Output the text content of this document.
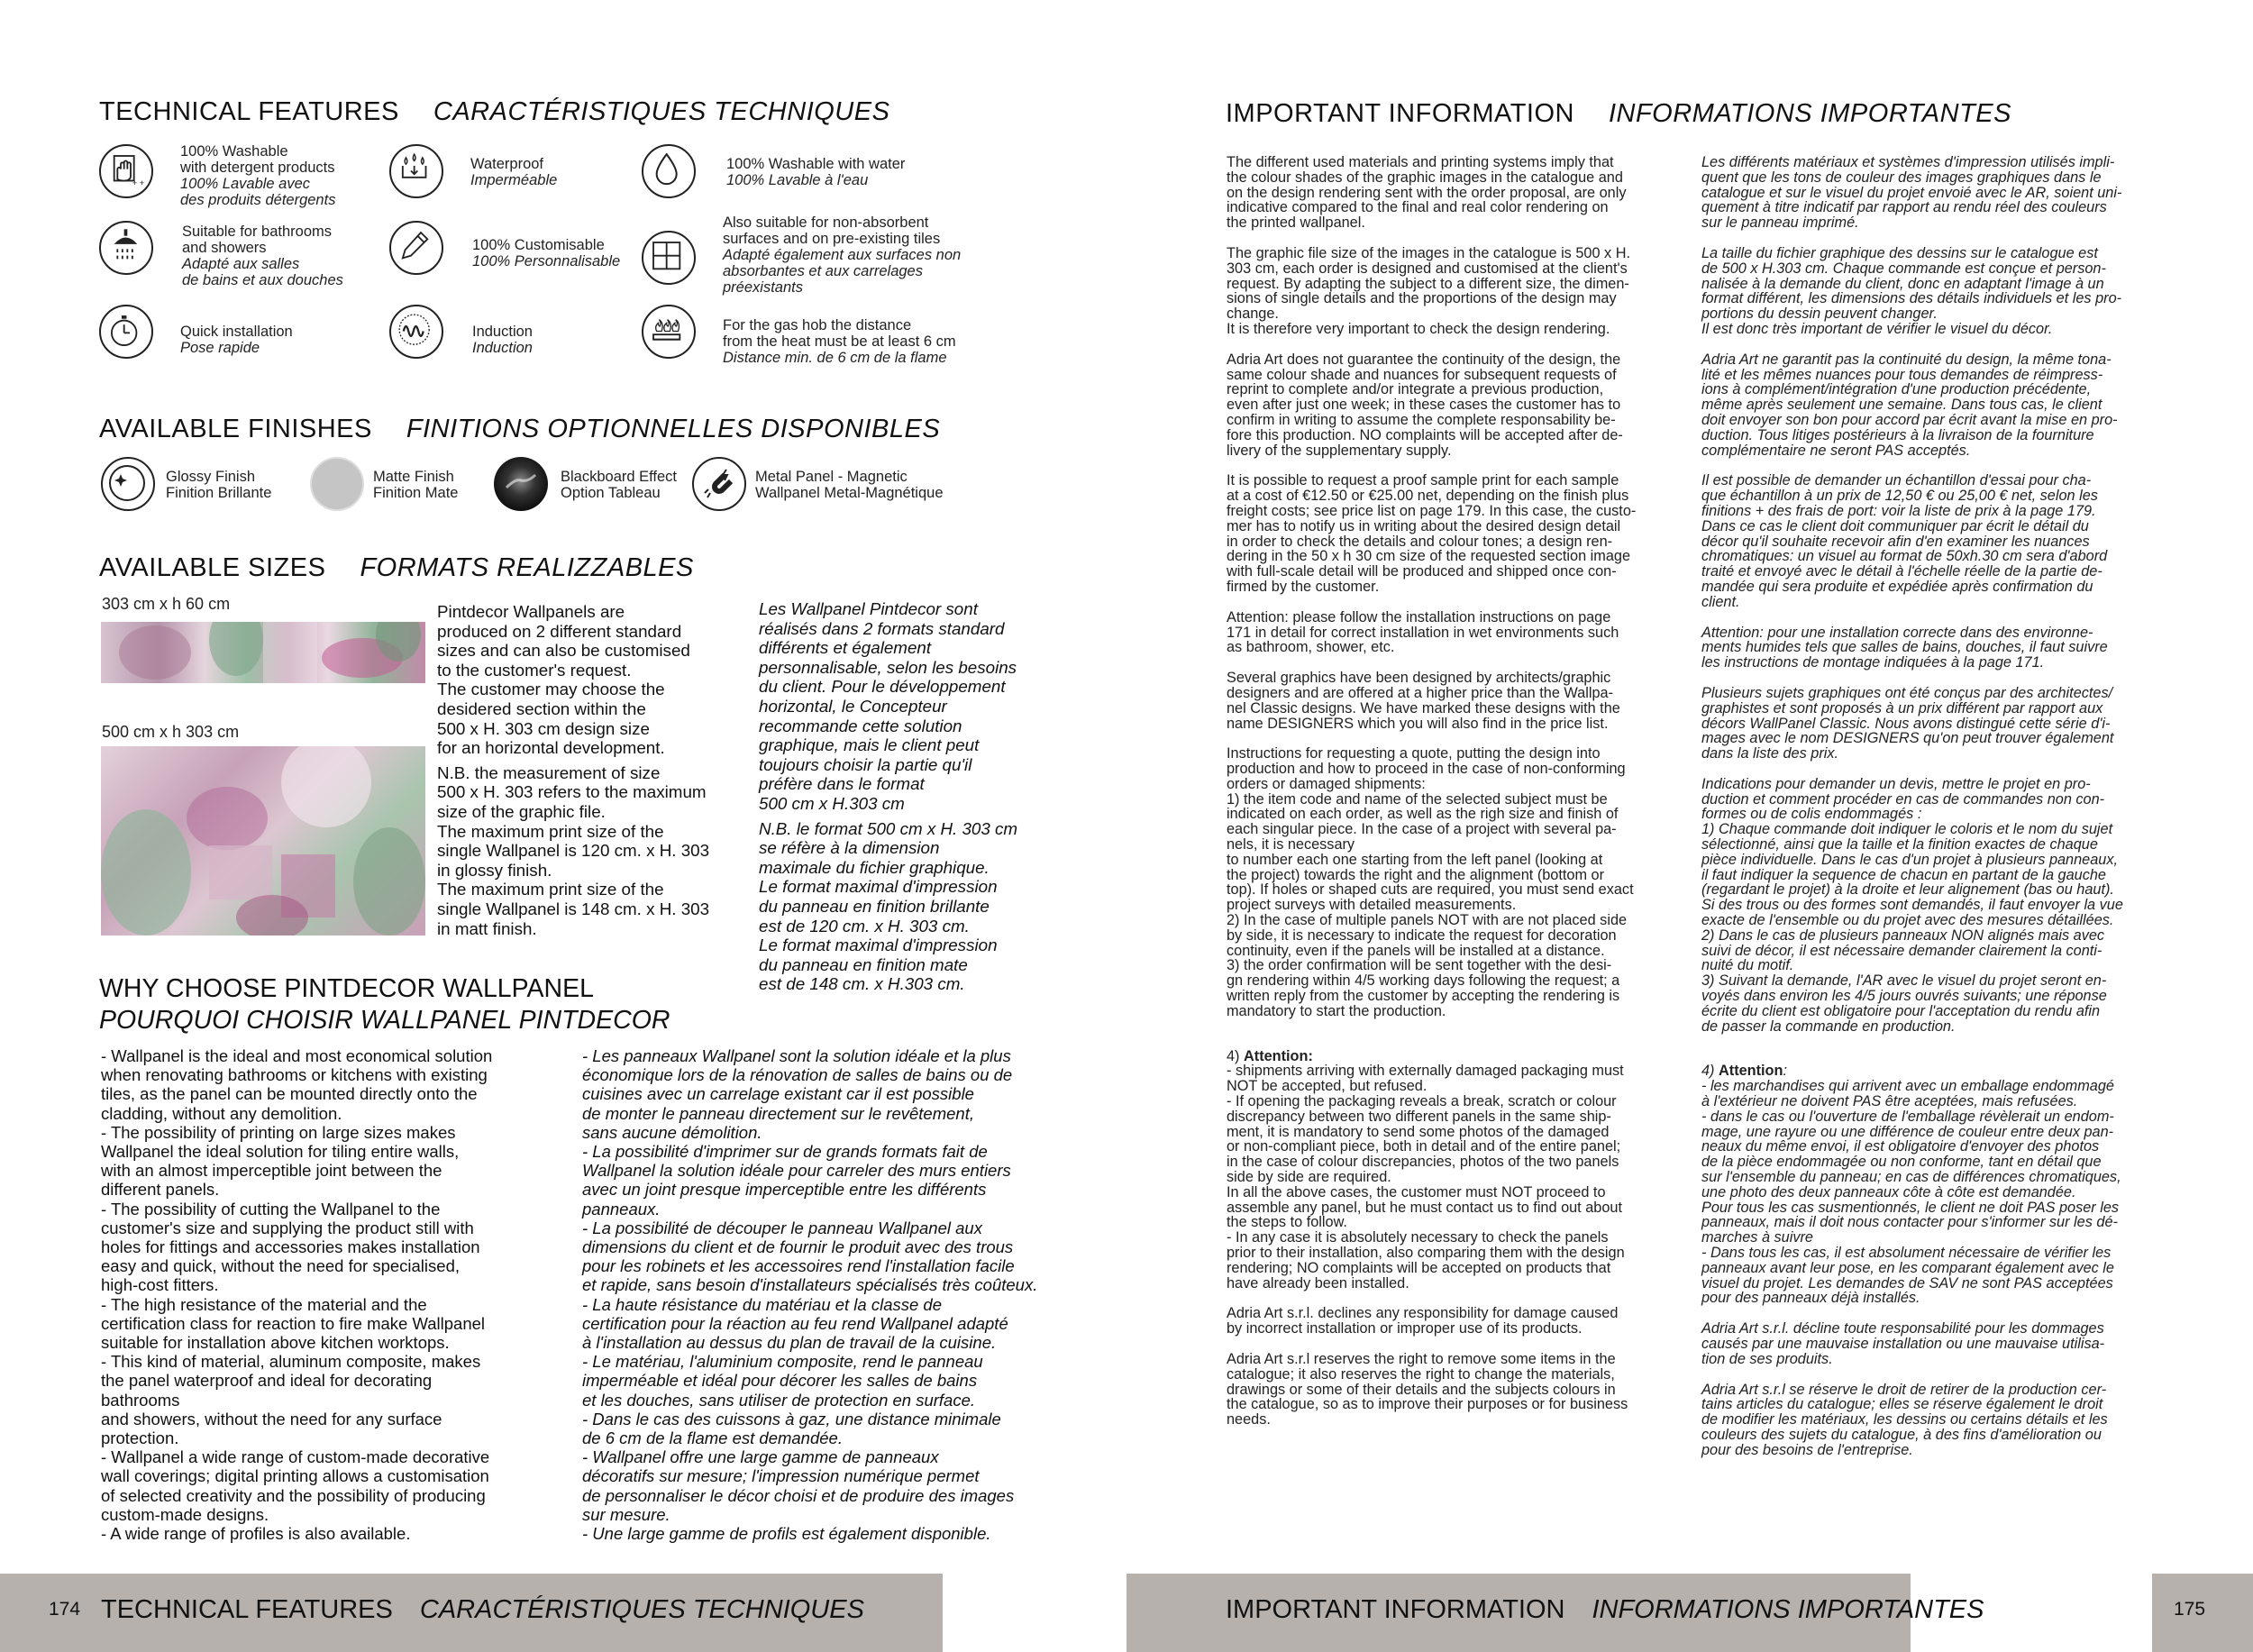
TECHNICAL FEATURES CARACTÉRISTIQUES TECHNIQUES
+ +
100% Washable
with detergent products
100% Lavable avec
des produits détergents
Waterproof
Imperméable
100% Washable with water
100% Lavable à l'eau
Suitable for bathrooms
and showers
Adapté aux salles
de bains et aux douches
100% Customisable
100% Personnalisable
Also suitable for non-absorbent
surfaces and on pre-existing tiles
Adapté également aux surfaces non
absorbantes et aux carrelages
préexistants
Quick installation
Pose rapide
Induction
Induction
For the gas hob the distance
from the heat must be at least 6 cm
Distance min. de 6 cm de la flame
AVAILABLE FINISHES FINITIONS OPTIONNELLES DISPONIBLES
Glossy Finish
Finition Brillante
Matte Finish
Finition Mate
Blackboard Effect
Option Tableau
Metal Panel - Magnetic
Wallpanel Metal-Magnétique
AVAILABLE SIZES FORMATS REALIZZABLES
303 cm x h 60 cm
500 cm x h 303 cm
Pintdecor Wallpanels are
produced on 2 different standard
sizes and can also be customised
to the customer's request.
The customer may choose the
desidered section within the
500 x H. 303 cm design size
for an horizontal development.
N.B. the measurement of size
500 x H. 303 refers to the maximum
size of the graphic file.
The maximum print size of the
single Wallpanel is 120 cm. x H. 303
in glossy finish.
The maximum print size of the
single Wallpanel is 148 cm. x H. 303
in matt finish.
Les Wallpanel Pintdecor sont
réalisés dans 2 formats standard
différents et également
personnalisable, selon les besoins
du client. Pour le développement
horizontal, le Concepteur
recommande cette solution
graphique, mais le client peut
toujours choisir la partie qu'il
préfère dans le format
500 cm x H.303 cm
N.B. le format 500 cm x H. 303 cm
se réfère à la dimension
maximale du fichier graphique.
Le format maximal d'impression
du panneau en finition brillante
est de 120 cm. x H. 303 cm.
Le format maximal d'impression
du panneau en finition mate
est de 148 cm. x H.303 cm.
WHY CHOOSE PINTDECOR WALLPANEL
POURQUOI CHOISIR WALLPANEL PINTDECOR
- Wallpanel is the ideal and most economical solution
when renovating bathrooms or kitchens with existing
tiles, as the panel can be mounted directly onto the
cladding, without any demolition.
- The possibility of printing on large sizes makes
Wallpanel the ideal solution for tiling entire walls,
with an almost imperceptible joint between the
different panels.
- The possibility of cutting the Wallpanel to the
customer's size and supplying the product still with
holes for fittings and accessories makes installation
easy and quick, without the need for specialised,
high-cost fitters.
- The high resistance of the material and the
certification class for reaction to fire make Wallpanel
suitable for installation above kitchen worktops.
- This kind of material, aluminum composite, makes
the panel waterproof and ideal for decorating
bathrooms
and showers, without the need for any surface
protection.
- Wallpanel a wide range of custom-made decorative
wall coverings; digital printing allows a customisation
of selected creativity and the possibility of producing
custom-made designs.
- A wide range of profiles is also available.
- Les panneaux Wallpanel sont la solution idéale et la plus
économique lors de la rénovation de salles de bains ou de
cuisines avec un carrelage existant car il est possible
de monter le panneau directement sur le revêtement,
sans aucune démolition.
- La possibilité d'imprimer sur de grands formats fait de
Wallpanel la solution idéale pour carreler des murs entiers
avec un joint presque imperceptible entre les différents
panneaux.
- La possibilité de découper le panneau Wallpanel aux
dimensions du client et de fournir le produit avec des trous
pour les robinets et les accessoires rend l'installation facile
et rapide, sans besoin d'installateurs spécialisés très coûteux.
- La haute résistance du matériau et la classe de
certification pour la réaction au feu rend Wallpanel adapté
à l'installation au dessus du plan de travail de la cuisine.
- Le matériau, l'aluminium composite, rend le panneau
imperméable et idéal pour décorer les salles de bains
et les douches, sans utiliser de protection en surface.
- Dans le cas des cuissons à gaz, une distance minimale
de 6 cm de la flame est demandée.
- Wallpanel offre une large gamme de panneaux
décoratifs sur mesure; l'impression numérique permet
de personnaliser le décor choisi et de produire des images
sur mesure.
- Une large gamme de profils est également disponible.
174 TECHNICAL FEATURES CARACTÉRISTIQUES TECHNIQUES
IMPORTANT INFORMATION INFORMATIONS IMPORTANTES
The different used materials and printing systems imply that
the colour shades of the graphic images in the catalogue and
on the design rendering sent with the order proposal, are only
indicative compared to the final and real color rendering on
the printed wallpanel.
The graphic file size of the images in the catalogue is 500 x H.
303 cm, each order is designed and customised at the client's
request. By adapting the subject to a different size, the dimen-
sions of single details and the proportions of the design may
change.
It is therefore very important to check the design rendering.
Adria Art does not guarantee the continuity of the design, the
same colour shade and nuances for subsequent requests of
reprint to complete and/or integrate a previous production,
even after just one week; in these cases the customer has to
confirm in writing to assume the complete responsability be-
fore this production. NO complaints will be accepted after de-
livery of the supplementary supply.
It is possible to request a proof sample print for each sample
at a cost of €12.50 or €25.00 net, depending on the finish plus
freight costs; see price list on page 179. In this case, the custo-
mer has to notify us in writing about the desired design detail
in order to check the details and colour tones; a design ren-
dering in the 50 x h 30 cm size of the requested section image
with full-scale detail will be produced and shipped once con-
firmed by the customer.
Attention: please follow the installation instructions on page
171 in detail for correct installation in wet environments such
as bathroom, shower, etc.
Several graphics have been designed by architects/graphic
designers and are offered at a higher price than the Wallpa-
nel Classic designs. We have marked these designs with the
name DESIGNERS which you will also find in the price list.
Instructions for requesting a quote, putting the design into
production and how to proceed in the case of non-conforming
orders or damaged shipments:
1) the item code and name of the selected subject must be
indicated on each order, as well as the righ size and finish of
each singular piece. In the case of a project with several pa-
nels, it is necessary
to number each one starting from the left panel (looking at
the project) towards the right and the alignment (bottom or
top). If holes or shaped cuts are required, you must send exact
project surveys with detailed measurements.
2) In the case of multiple panels NOT with are not placed side
by side, it is necessary to indicate the request for decoration
continuity, even if the panels will be installed at a distance.
3) the order confirmation will be sent together with the desi-
gn rendering within 4/5 working days following the request; a
written reply from the customer by accepting the rendering is
mandatory to start the production.
4) Attention:
- shipments arriving with externally damaged packaging must
NOT be accepted, but refused.
- If opening the packaging reveals a break, scratch or colour
discrepancy between two different panels in the same ship-
ment, it is mandatory to send some photos of the damaged
or non-compliant piece, both in detail and of the entire panel;
in the case of colour discrepancies, photos of the two panels
side by side are required.
In all the above cases, the customer must NOT proceed to
assemble any panel, but he must contact us to find out about
the steps to follow.
- In any case it is absolutely necessary to check the panels
prior to their installation, also comparing them with the design
rendering; NO complaints will be accepted on products that
have already been installed.
Adria Art s.r.l. declines any responsibility for damage caused
by incorrect installation or improper use of its products.
Adria Art s.r.l reserves the right to remove some items in the
catalogue; it also reserves the right to change the materials,
drawings or some of their details and the subjects colours in
the catalogue, so as to improve their purposes or for business
needs.
Les différents matériaux et systèmes d'impression utilisés impli-
quent que les tons de couleur des images graphiques dans le
catalogue et sur le visuel du projet envoié avec le AR, soient uni-
quement à titre indicatif par rapport au rendu réel des couleurs
sur le panneau imprimé.
La taille du fichier graphique des dessins sur le catalogue est
de 500 x H.303 cm. Chaque commande est conçue et person-
nalisée à la demande du client, donc en adaptant l'image à un
format différent, les dimensions des détails individuels et les pro-
portions du dessin peuvent changer.
Il est donc très important de vérifier le visuel du décor.
Adria Art ne garantit pas la continuité du design, la même tona-
lité et les mêmes nuances pour tous demandes de réimpress-
ions à complément/intégration d'une production précédente,
même après seulement une semaine. Dans tous cas, le client
doit envoyer son bon pour accord par écrit avant la mise en pro-
duction. Tous litiges postérieurs à la livraison de la fourniture
complémentaire ne seront PAS acceptés.
Il est possible de demander un échantillon d'essai pour cha-
que échantillon à un prix de 12,50 € ou 25,00 € net, selon les
finitions + des frais de port: voir la liste de prix à la page 179.
Dans ce cas le client doit communiquer par écrit le détail du
décor qu'il souhaite recevoir afin d'en examiner les nuances
chromatiques: un visuel au format de 50xh.30 cm sera d'abord
traité et envoyé avec le détail à l'échelle réelle de la partie de-
mandée qui sera produite et expédiée après confirmation du
client.
Attention: pour une installation correcte dans des environne-
ments humides tels que salles de bains, douches, il faut suivre
les instructions de montage indiquées à la page 171.
Plusieurs sujets graphiques ont été conçus par des architectes/
graphistes et sont proposés à un prix différent par rapport aux
décors WallPanel Classic. Nous avons distingué cette série d'i-
mages avec le nom DESIGNERS qu'on peut trouver également
dans la liste des prix.
Indications pour demander un devis, mettre le projet en pro-
duction et comment procéder en cas de commandes non con-
formes ou de colis endommagés :
1) Chaque commande doit indiquer le coloris et le nom du sujet
sélectionné, ainsi que la taille et la finition exactes de chaque
pièce individuelle. Dans le cas d'un projet à plusieurs panneaux,
il faut indiquer la sequence de chacun en partant de la gauche
(regardant le projet) à la droite et leur alignement (bas ou haut).
Si des trous ou des formes sont demandés, il faut envoyer la vue
exacte de l'ensemble ou du projet avec des mesures détaillées.
2) Dans le cas de plusieurs panneaux NON alignés mais avec
suivi de décor, il est nécessaire demander clairement la conti-
nuité du motif.
3) Suivant la demande, l'AR avec le visuel du projet seront en-
voyés dans environ les 4/5 jours ouvrés suivants; une réponse
écrite du client est obligatoire pour l'acceptation du rendu afin
de passer la commande en production.
4) Attention:
- les marchandises qui arrivent avec un emballage endommagé
à l'extérieur ne doivent PAS être aceptées, mais refusées.
- dans le cas ou l'ouverture de l'emballage révèlerait un endom-
mage, une rayure ou une différence de couleur entre deux pan-
neaux du même envoi, il est obligatoire d'envoyer des photos
de la pièce endommagée ou non conforme, tant en détail que
sur l'ensemble du panneau; en cas de différences chromatiques,
une photo des deux panneaux côte à côte est demandée.
Pour tous les cas susmentionnés, le client ne doit PAS poser les
panneaux, mais il doit nous contacter pour s'informer sur les dé-
marches à suivre
- Dans tous les cas, il est absolument nécessaire de vérifier les
panneaux avant leur pose, en les comparant également avec le
visuel du projet. Les demandes de SAV ne sont PAS acceptées
pour des panneaux déjà installés.
Adria Art s.r.l. décline toute responsabilité pour les dommages
causés par une mauvaise installation ou une mauvaise utilisa-
tion de ses produits.
Adria Art s.r.l se réserve le droit de retirer de la production cer-
tains articles du catalogue; elles se réserve également le droit
de modifier les matériaux, les dessins ou certains détails et les
couleurs des sujets du catalogue, à des fins d'amélioration ou
pour des besoins de l'entreprise.
IMPORTANT INFORMATION INFORMATIONS IMPORTANTES	175
